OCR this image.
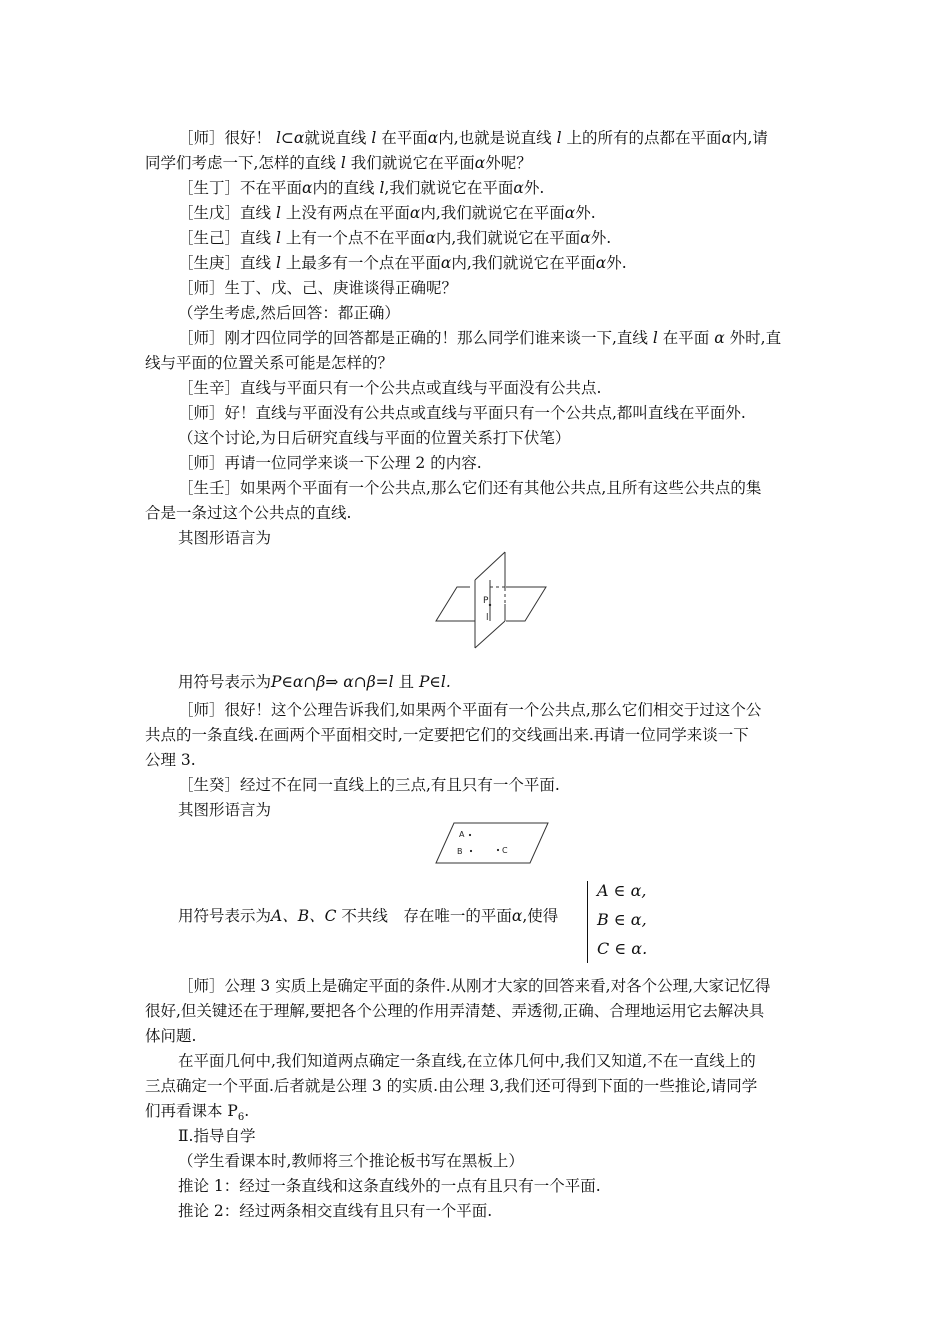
［师］很好！ l⊂α就说直线 l 在平面α内,也就是说直线 l 上的所有的点都在平面α内,请
同学们考虑一下,怎样的直线 l 我们就说它在平面α外呢？
［生丁］不在平面α内的直线 l,我们就说它在平面α外.
［生戊］直线 l 上没有两点在平面α内,我们就说它在平面α外.
［生己］直线 l 上有一个点不在平面α内,我们就说它在平面α外.
［生庚］直线 l 上最多有一个点在平面α内,我们就说它在平面α外.
［师］生丁、戊、己、庚谁谈得正确呢？
（学生考虑,然后回答：都正确）
［师］刚才四位同学的回答都是正确的！那么同学们谁来谈一下,直线 l 在平面 α 外时,直
线与平面的位置关系可能是怎样的？
［生辛］直线与平面只有一个公共点或直线与平面没有公共点.
［师］好！直线与平面没有公共点或直线与平面只有一个公共点,都叫直线在平面外.
（这个讨论,为日后研究直线与平面的位置关系打下伏笔）
［师］再请一位同学来谈一下公理 2 的内容.
［生壬］如果两个平面有一个公共点,那么它们还有其他公共点,且所有这些公共点的集
合是一条过这个公共点的直线.
其图形语言为
P
l
用符号表示为P∈α∩β⇒ α∩β=l 且 P∈l.
［师］很好！这个公理告诉我们,如果两个平面有一个公共点,那么它们相交于过这个公
共点的一条直线.在画两个平面相交时,一定要把它们的交线画出来.再请一位同学来谈一下
公理 3.
［生癸］经过不在同一直线上的三点,有且只有一个平面.
其图形语言为
A
B	C
用符号表示为A、B、C 不共线　存在唯一的平面α,使得
A ∈ α,
B ∈ α,
C ∈ α.
［师］公理 3 实质上是确定平面的条件.从刚才大家的回答来看,对各个公理,大家记忆得
很好,但关键还在于理解,要把各个公理的作用弄清楚、弄透彻,正确、合理地运用它去解决具
体问题.
在平面几何中,我们知道两点确定一条直线,在立体几何中,我们又知道,不在一直线上的
三点确定一个平面.后者就是公理 3 的实质.由公理 3,我们还可得到下面的一些推论,请同学
们再看课本 $P_6$.
Ⅱ.指导自学
（学生看课本时,教师将三个推论板书写在黑板上）
推论 1：经过一条直线和这条直线外的一点有且只有一个平面.
推论 2：经过两条相交直线有且只有一个平面.
